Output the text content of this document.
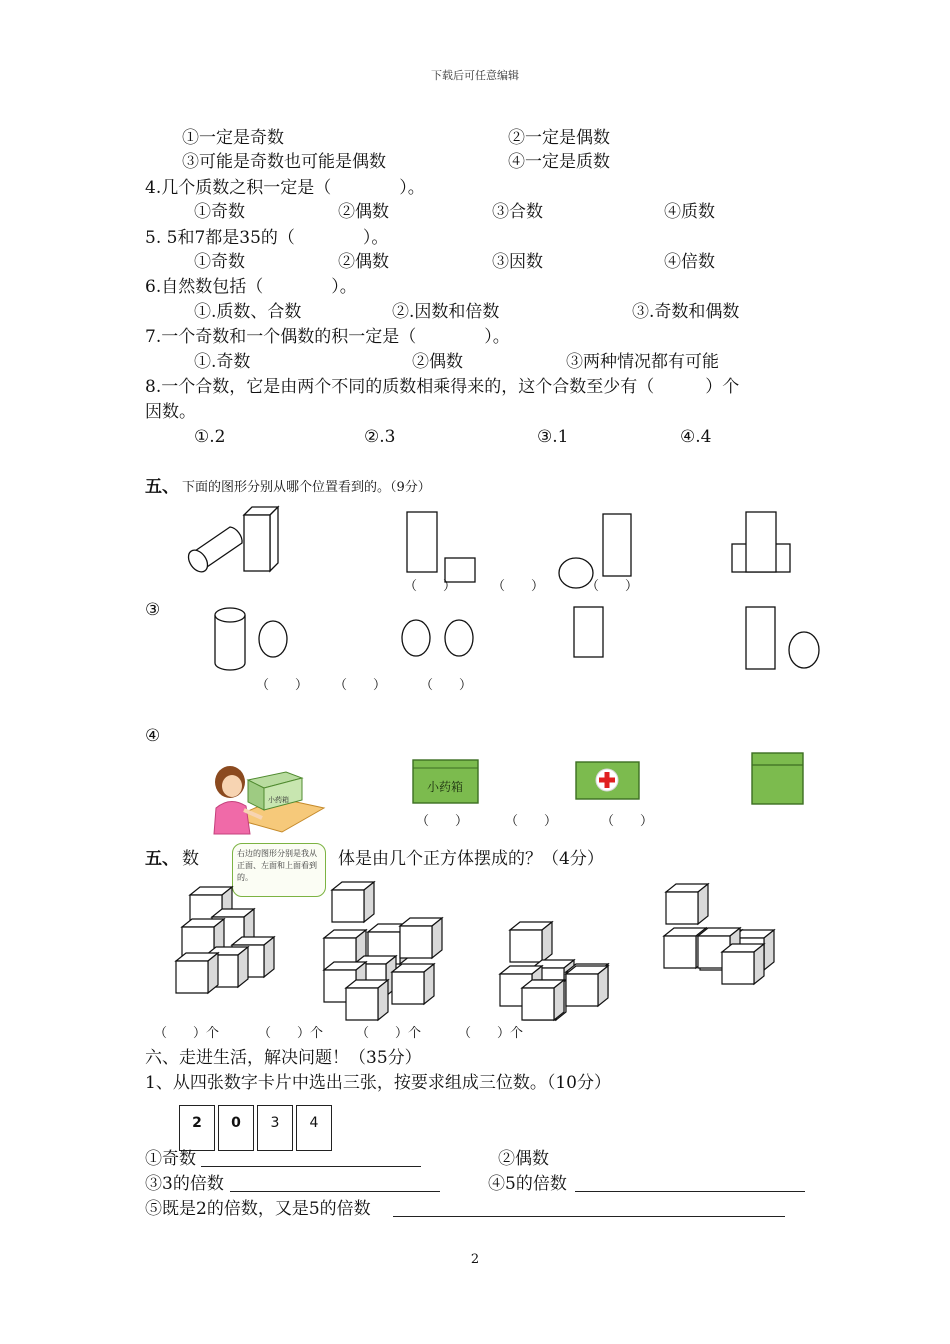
下载后可任意编辑
①一定是奇数	②一定是偶数
③可能是奇数也可能是偶数	④一定是质数
4.几个质数之积一定是（　　　　）。
①奇数	②偶数	③合数	④质数
5. 5和7都是35的（　　　　）。
①奇数	②偶数	③因数	④倍数
6.自然数包括（　　　　）。
①.质数、合数	②.因数和倍数	③.奇数和偶数
7.一个奇数和一个偶数的积一定是（　　　　）。
①.奇数	②偶数	③两种情况都有可能
8.一个合数，它是由两个不同的质数相乘得来的，这个合数至少有（　　　）个
因数。
①.2	②.3	③.1	④.4
五、 下面的图形分别从哪个位置看到的。（9分）
（　　）	（　　）	（　　）
③
（　　） （　　）	（　　）
④
小药箱
小药箱
（　　）	（　　）	（　　）
五、 数	体是由几个正方体摆成的？（4分）
右边的图形分别是我从正面、左面和上面看到的。
（　　）个	（　　）个	（　　）个	（　　）个
六、走进生活，解决问题！（35分）
1、从四张数字卡片中选出三张，按要求组成三位数。（10分）
2	0	3	4
①奇数	②偶数
③3的倍数	④5的倍数
⑤既是2的倍数，又是5的倍数
2
